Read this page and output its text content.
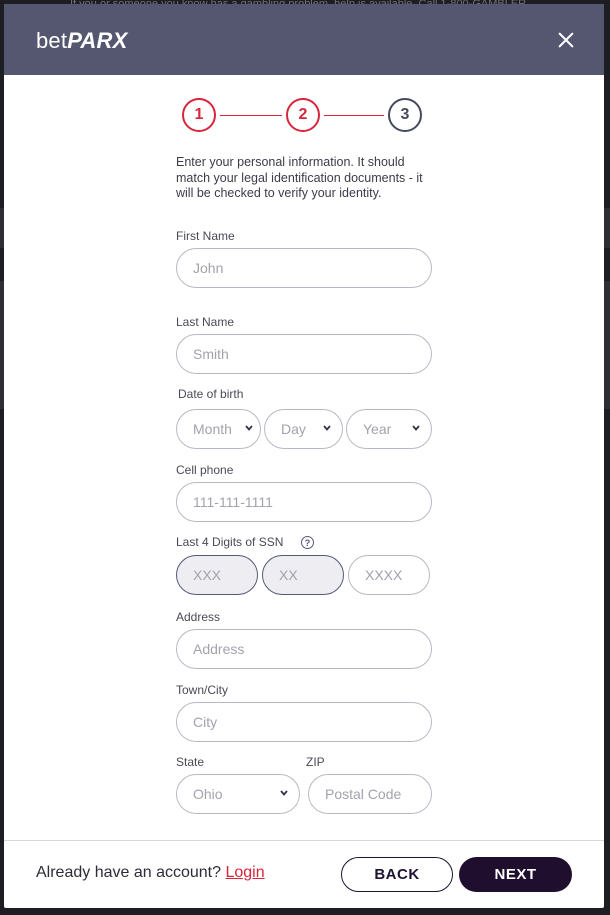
betPARX
1	2	3
Enter your personal information. It should match your legal identification documents - it will be checked to verify your identity.
First Name
John
Last Name
Smith
Date of birth
Month	Day	Year
Cell phone
111-111-1111
Last 4 Digits of SSN	?
XXX	XX	XXXX
Address
Address
Town/City
City
State
Ohio
ZIP
Postal Code
Already have an account? Login	BACK	NEXT
